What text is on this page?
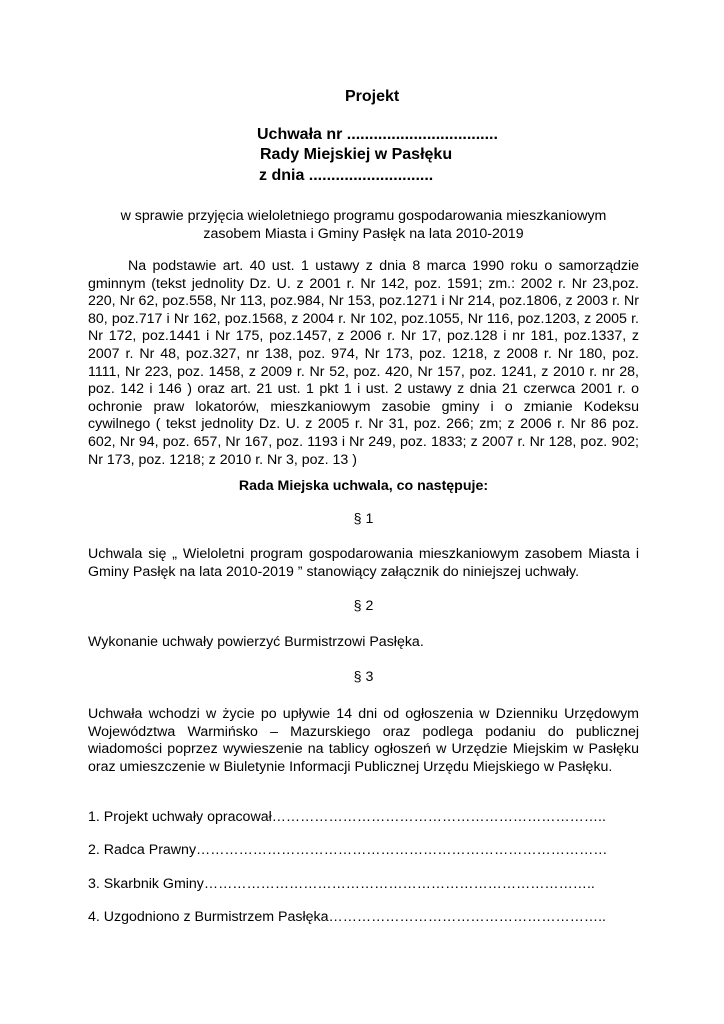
Projekt
Uchwała nr ..................................
Rady Miejskiej w Pasłęku
z dnia ............................
w sprawie przyjęcia wieloletniego programu gospodarowania mieszkaniowym
zasobem Miasta i Gminy Pasłęk na lata 2010-2019
Na podstawie art. 40 ust. 1 ustawy z dnia 8 marca 1990 roku o samorządzie gminnym (tekst jednolity Dz. U. z 2001 r. Nr 142, poz. 1591; zm.: 2002 r. Nr 23,poz. 220, Nr 62, poz.558, Nr 113, poz.984, Nr 153, poz.1271 i Nr 214, poz.1806, z 2003 r. Nr 80, poz.717 i Nr 162, poz.1568, z 2004 r. Nr 102, poz.1055, Nr 116, poz.1203, z 2005 r. Nr 172, poz.1441 i Nr 175, poz.1457, z 2006 r. Nr 17, poz.128 i nr 181, poz.1337, z 2007 r. Nr 48, poz.327, nr 138, poz. 974, Nr 173, poz. 1218, z 2008 r. Nr 180, poz. 1111, Nr 223, poz. 1458, z 2009 r. Nr 52, poz. 420, Nr 157, poz. 1241, z 2010 r. nr 28, poz. 142 i 146 ) oraz art. 21 ust. 1 pkt 1 i ust. 2 ustawy z dnia 21 czerwca 2001 r. o ochronie praw lokatorów, mieszkaniowym zasobie gminy i o zmianie Kodeksu cywilnego ( tekst jednolity Dz. U. z 2005 r. Nr 31, poz. 266; zm; z 2006 r. Nr 86 poz. 602, Nr 94, poz. 657, Nr 167, poz. 1193 i Nr 249, poz. 1833; z 2007 r. Nr 128, poz. 902; Nr 173, poz. 1218; z 2010 r. Nr 3, poz. 13 )
Rada Miejska uchwala, co następuje:
§ 1
Uchwala się „ Wieloletni program gospodarowania mieszkaniowym zasobem Miasta i Gminy Pasłęk na lata 2010-2019 ” stanowiący załącznik do niniejszej uchwały.
§ 2
Wykonanie uchwały powierzyć Burmistrzowi Pasłęka.
§ 3
Uchwała wchodzi w życie po upływie 14 dni od ogłoszenia w Dzienniku Urzędowym Województwa Warmińsko – Mazurskiego oraz podlega podaniu do publicznej wiadomości poprzez wywieszenie na tablicy ogłoszeń w Urzędzie Miejskim w Pasłęku oraz umieszczenie w Biuletynie Informacji Publicznej Urzędu Miejskiego w Pasłęku.
1. Projekt uchwały opracował……………………………………………………………..
2. Radca Prawny……………………………………………………………………………
3. Skarbnik Gminy………………………………………………………………………..
4. Uzgodniono z Burmistrzem Pasłęka…………………………………………………..
